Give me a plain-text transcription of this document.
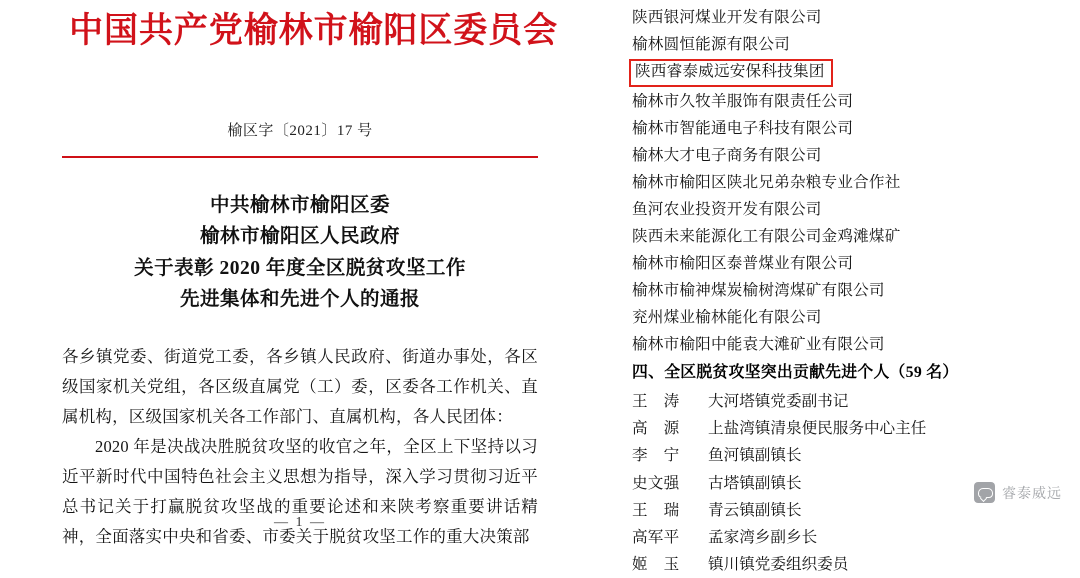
中国共产党榆林市榆阳区委员会
榆区字〔2021〕17 号
中共榆林市榆阳区委
榆林市榆阳区人民政府
关于表彰 2020 年度全区脱贫攻坚工作
先进集体和先进个人的通报

各乡镇党委、街道党工委，各乡镇人民政府、街道办事处，各区级国家机关党组，各区级直属党（工）委，区委各工作机关、直属机构，区级国家机关各工作部门、直属机构，各人民团体：

2020 年是决战决胜脱贫攻坚的收官之年，全区上下坚持以习近平新时代中国特色社会主义思想为指导，深入学习贯彻习近平总书记关于打赢脱贫攻坚战的重要论述和来陕考察重要讲话精神，全面落实中央和省委、市委关于脱贫攻坚工作的重大决策部

— 1 —
陕西银河煤业开发有限公司
榆林圆恒能源有限公司
陕西睿泰威远安保科技集团
榆林市久牧羊服饰有限责任公司
榆林市智能通电子科技有限公司
榆林大才电子商务有限公司
榆林市榆阳区陕北兄弟杂粮专业合作社
鱼河农业投资开发有限公司
陕西未来能源化工有限公司金鸡滩煤矿
榆林市榆阳区泰普煤业有限公司
榆林市榆神煤炭榆树湾煤矿有限公司
兖州煤业榆林能化有限公司
榆林市榆阳中能袁大滩矿业有限公司
四、全区脱贫攻坚突出贡献先进个人（59 名）
王　涛	大河塔镇党委副书记
高　源	上盐湾镇清泉便民服务中心主任
李　宁	鱼河镇副镇长
史文强	古塔镇副镇长
王　瑞	青云镇副镇长
高军平	孟家湾乡副乡长
姬　玉	镇川镇党委组织委员
睿泰威远
